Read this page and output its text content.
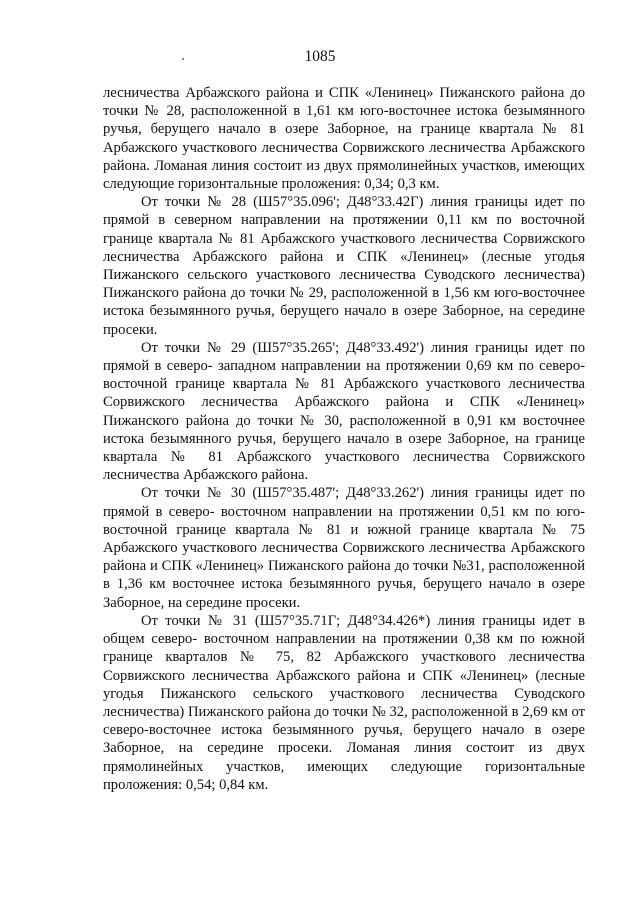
1085

лесничества Арбажского района и СПК «Ленинец» Пижанского района до точки № 28, расположенной в 1,61 км юго-восточнее истока безымянного ручья, берущего начало в озере Заборное, на границе квартала № 81 Арбажского участкового лесничества Сорвижского лесничества Арбажского района. Ломаная линия состоит из двух прямолинейных участков, имеющих следующие горизонтальные проложения: 0,34; 0,3 км.

От точки № 28 (Ш57°35.096'; Д48°33.42Г) линия границы идет по прямой в северном направлении на протяжении 0,11 км по восточной границе квартала № 81 Арбажского участкового лесничества Сорвижского лесничества Арбажского района и СПК «Ленинец» (лесные угодья Пижанского сельского участкового лесничества Суводского лесничества) Пижанского района до точки № 29, расположенной в 1,56 км юго-восточнее истока безымянного ручья, берущего начало в озере Заборное, на середине просеки.

От точки № 29 (Ш57°35.265'; Д48°33.492') линия границы идет по прямой в северо- западном направлении на протяжении 0,69 км по северо-восточной границе квартала № 81 Арбажского участкового лесничества Сорвижского лесничества Арбажского района и СПК «Ленинец» Пижанского района до точки № 30, расположенной в 0,91 км восточнее истока безымянного ручья, берущего начало в озере Заборное, на границе квартала № 81 Арбажского участкового лесничества Сорвижского лесничества Арбажского района.

От точки № 30 (Ш57°35.487'; Д48°33.262') линия границы идет по прямой в северо- восточном направлении на протяжении 0,51 км по юго-восточной границе квартала № 81 и южной границе квартала № 75 Арбажского участкового лесничества Сорвижского лесничества Арбажского района и СПК «Ленинец» Пижанского района до точки №31, расположенной в 1,36 км восточнее истока безымянного ручья, берущего начало в озере Заборное, на середине просеки.

От точки № 31 (Ш57°35.71Г; Д48°34.426*) линия границы идет в общем северо- восточном направлении на протяжении 0,38 км по южной границе кварталов № 75, 82 Арбажского участкового лесничества Сорвижского лесничества Арбажского района и СПК «Ленинец» (лесные угодья Пижанского сельского участкового лесничества Суводского лесничества) Пижанского района до точки № 32, расположенной в 2,69 км от северо-восточнее истока безымянного ручья, берущего начало в озере Заборное, на середине просеки. Ломаная линия состоит из двух прямолинейных участков, имеющих следующие горизонтальные проложения: 0,54; 0,84 км.
